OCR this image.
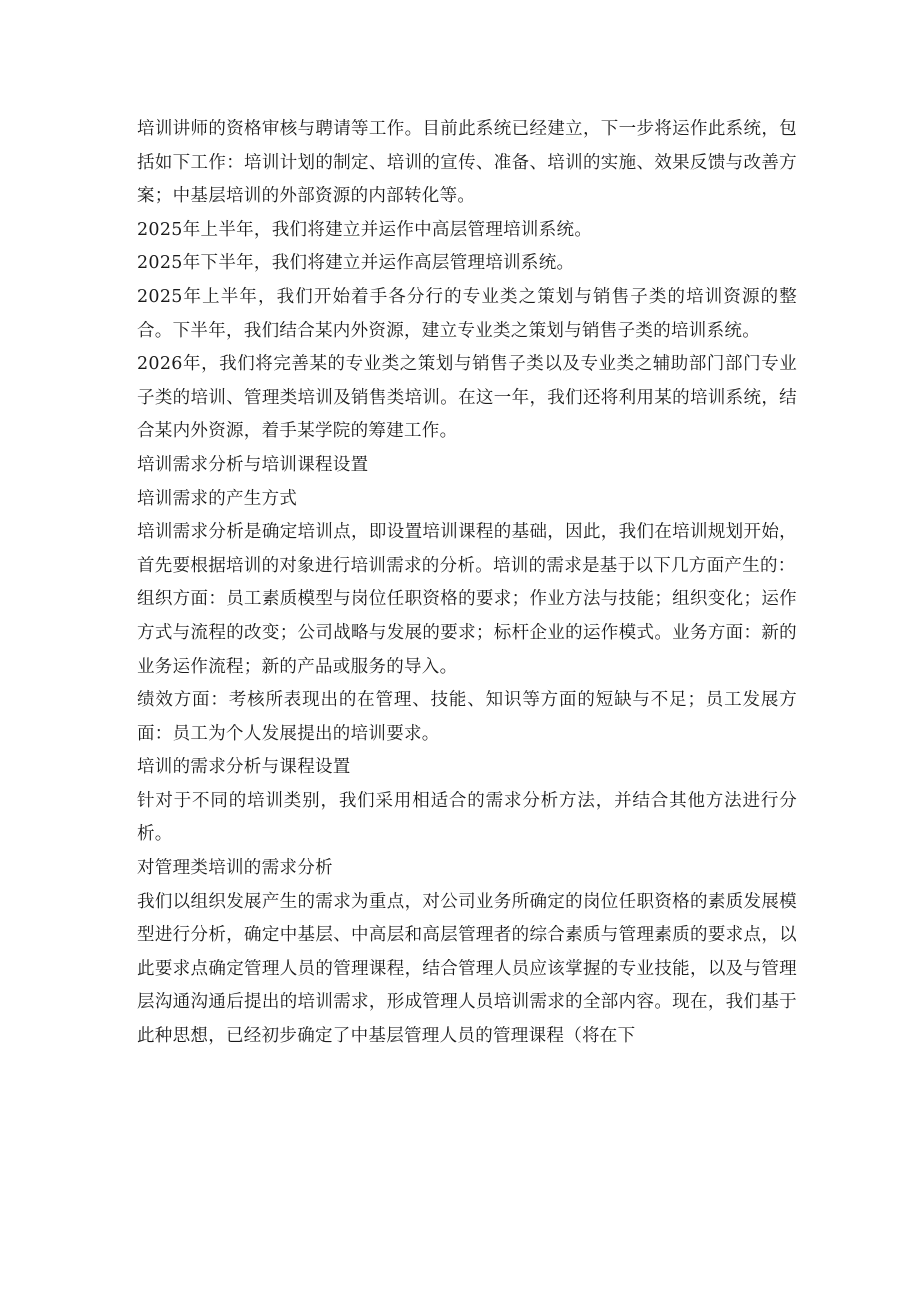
培训讲师的资格审核与聘请等工作。目前此系统已经建立，下一步将运作此系统，包括如下工作：培训计划的制定、培训的宣传、准备、培训的实施、效果反馈与改善方案；中基层培训的外部资源的内部转化等。

2025年上半年，我们将建立并运作中高层管理培训系统。

2025年下半年，我们将建立并运作高层管理培训系统。

2025年上半年，我们开始着手各分行的专业类之策划与销售子类的培训资源的整合。下半年，我们结合某内外资源，建立专业类之策划与销售子类的培训系统。

2026年，我们将完善某的专业类之策划与销售子类以及专业类之辅助部门部门专业子类的培训、管理类培训及销售类培训。在这一年，我们还将利用某的培训系统，结合某内外资源，着手某学院的筹建工作。

培训需求分析与培训课程设置

培训需求的产生方式

培训需求分析是确定培训点，即设置培训课程的基础，因此，我们在培训规划开始，首先要根据培训的对象进行培训需求的分析。培训的需求是基于以下几方面产生的：

组织方面：员工素质模型与岗位任职资格的要求；作业方法与技能；组织变化；运作方式与流程的改变；公司战略与发展的要求；标杆企业的运作模式。业务方面：新的业务运作流程；新的产品或服务的导入。

绩效方面：考核所表现出的在管理、技能、知识等方面的短缺与不足；员工发展方面：员工为个人发展提出的培训要求。

培训的需求分析与课程设置

针对于不同的培训类别，我们采用相适合的需求分析方法，并结合其他方法进行分析。

对管理类培训的需求分析

我们以组织发展产生的需求为重点，对公司业务所确定的岗位任职资格的素质发展模型进行分析，确定中基层、中高层和高层管理者的综合素质与管理素质的要求点，以此要求点确定管理人员的管理课程，结合管理人员应该掌握的专业技能，以及与管理层沟通沟通后提出的培训需求，形成管理人员培训需求的全部内容。现在，我们基于此种思想，已经初步确定了中基层管理人员的管理课程（将在下
